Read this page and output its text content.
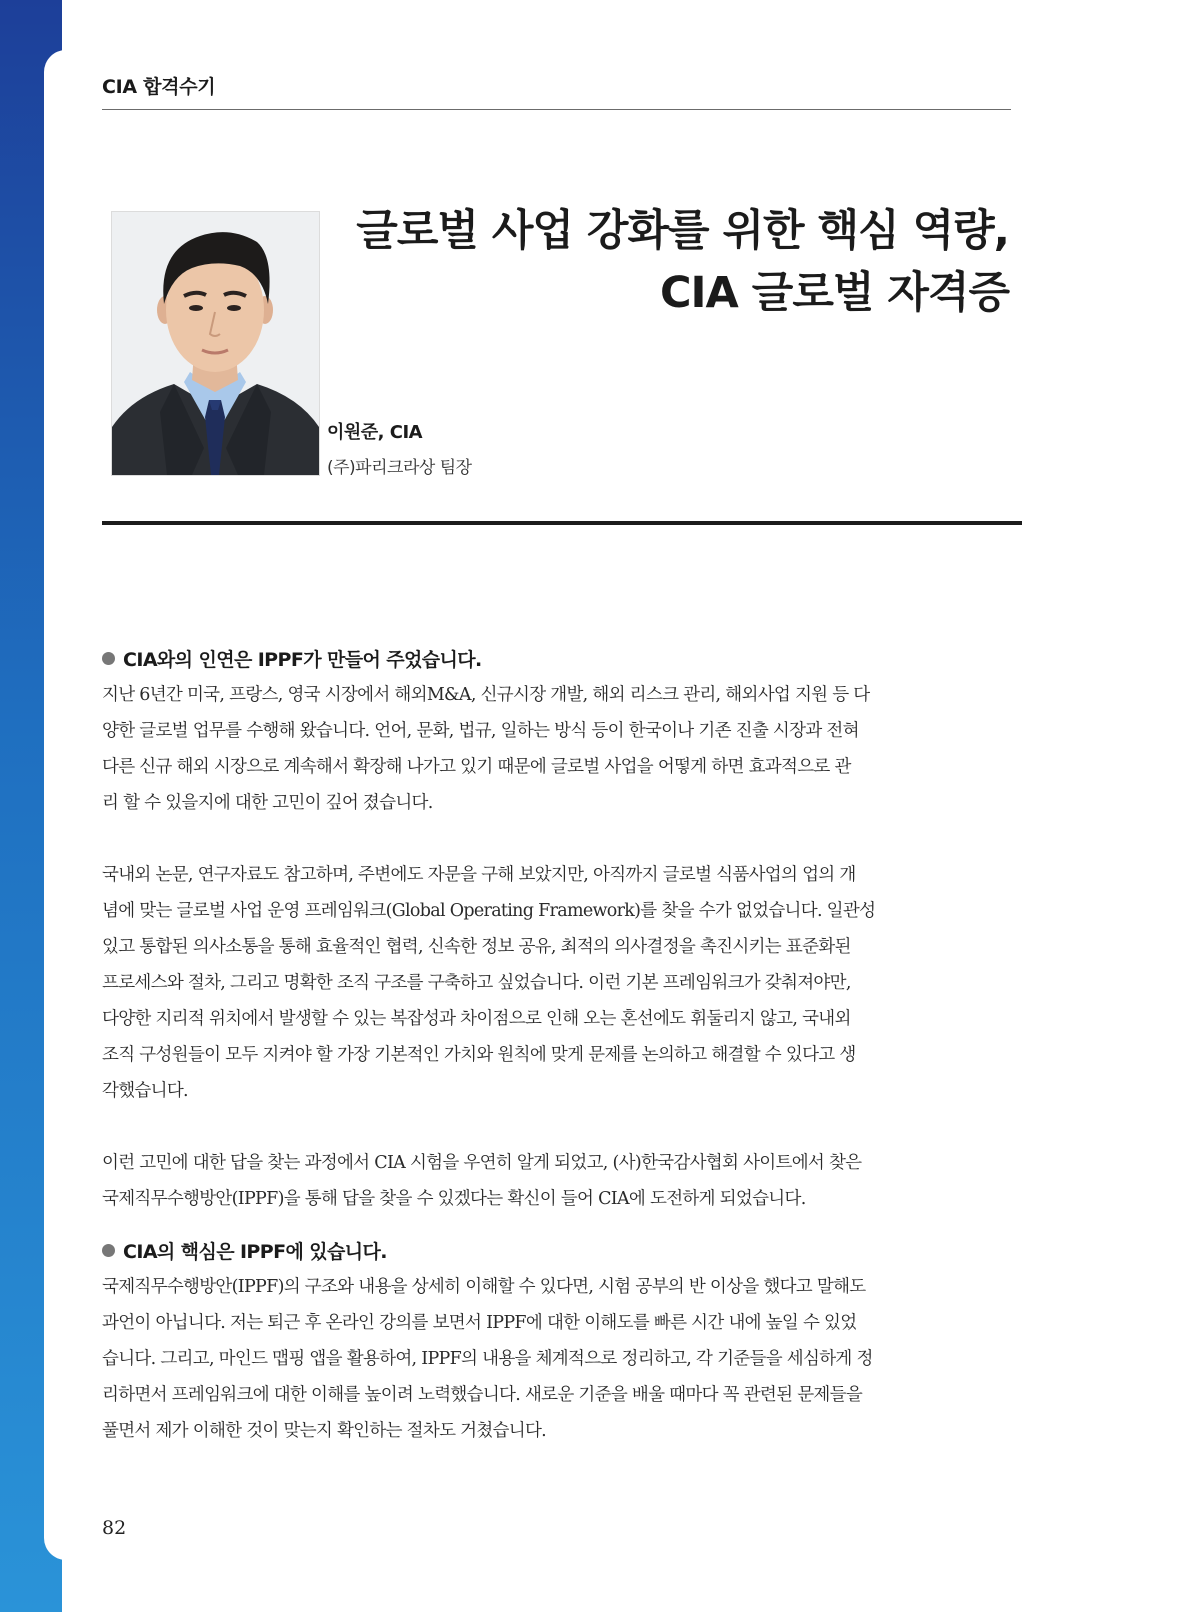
CIA 합격수기
글로벌 사업 강화를 위한 핵심 역량,
CIA 글로벌 자격증
이원준, CIA
(주)파리크라상 팀장
CIA와의 인연은 IPPF가 만들어 주었습니다.

지난 6년간 미국, 프랑스, 영국 시장에서 해외M&A, 신규시장 개발, 해외 리스크 관리, 해외사업 지원 등 다
양한 글로벌 업무를 수행해 왔습니다. 언어, 문화, 법규, 일하는 방식 등이 한국이나 기존 진출 시장과 전혀
다른 신규 해외 시장으로 계속해서 확장해 나가고 있기 때문에 글로벌 사업을 어떻게 하면 효과적으로 관
리 할 수 있을지에 대한 고민이 깊어 졌습니다.

국내외 논문, 연구자료도 참고하며, 주변에도 자문을 구해 보았지만, 아직까지 글로벌 식품사업의 업의 개
념에 맞는 글로벌 사업 운영 프레임워크(Global Operating Framework)를 찾을 수가 없었습니다. 일관성
있고 통합된 의사소통을 통해 효율적인 협력, 신속한 정보 공유, 최적의 의사결정을 촉진시키는 표준화된
프로세스와 절차, 그리고 명확한 조직 구조를 구축하고 싶었습니다. 이런 기본 프레임워크가 갖춰져야만,
다양한 지리적 위치에서 발생할 수 있는 복잡성과 차이점으로 인해 오는 혼선에도 휘둘리지 않고, 국내외
조직 구성원들이 모두 지켜야 할 가장 기본적인 가치와 원칙에 맞게 문제를 논의하고 해결할 수 있다고 생
각했습니다.

이런 고민에 대한 답을 찾는 과정에서 CIA 시험을 우연히 알게 되었고, (사)한국감사협회 사이트에서 찾은
국제직무수행방안(IPPF)을 통해 답을 찾을 수 있겠다는 확신이 들어 CIA에 도전하게 되었습니다.

CIA의 핵심은 IPPF에 있습니다.

국제직무수행방안(IPPF)의 구조와 내용을 상세히 이해할 수 있다면, 시험 공부의 반 이상을 했다고 말해도
과언이 아닙니다. 저는 퇴근 후 온라인 강의를 보면서 IPPF에 대한 이해도를 빠른 시간 내에 높일 수 있었
습니다. 그리고, 마인드 맵핑 앱을 활용하여, IPPF의 내용을 체계적으로 정리하고, 각 기준들을 세심하게 정
리하면서 프레임워크에 대한 이해를 높이려 노력했습니다. 새로운 기준을 배울 때마다 꼭 관련된 문제들을
풀면서 제가 이해한 것이 맞는지 확인하는 절차도 거쳤습니다.

82
